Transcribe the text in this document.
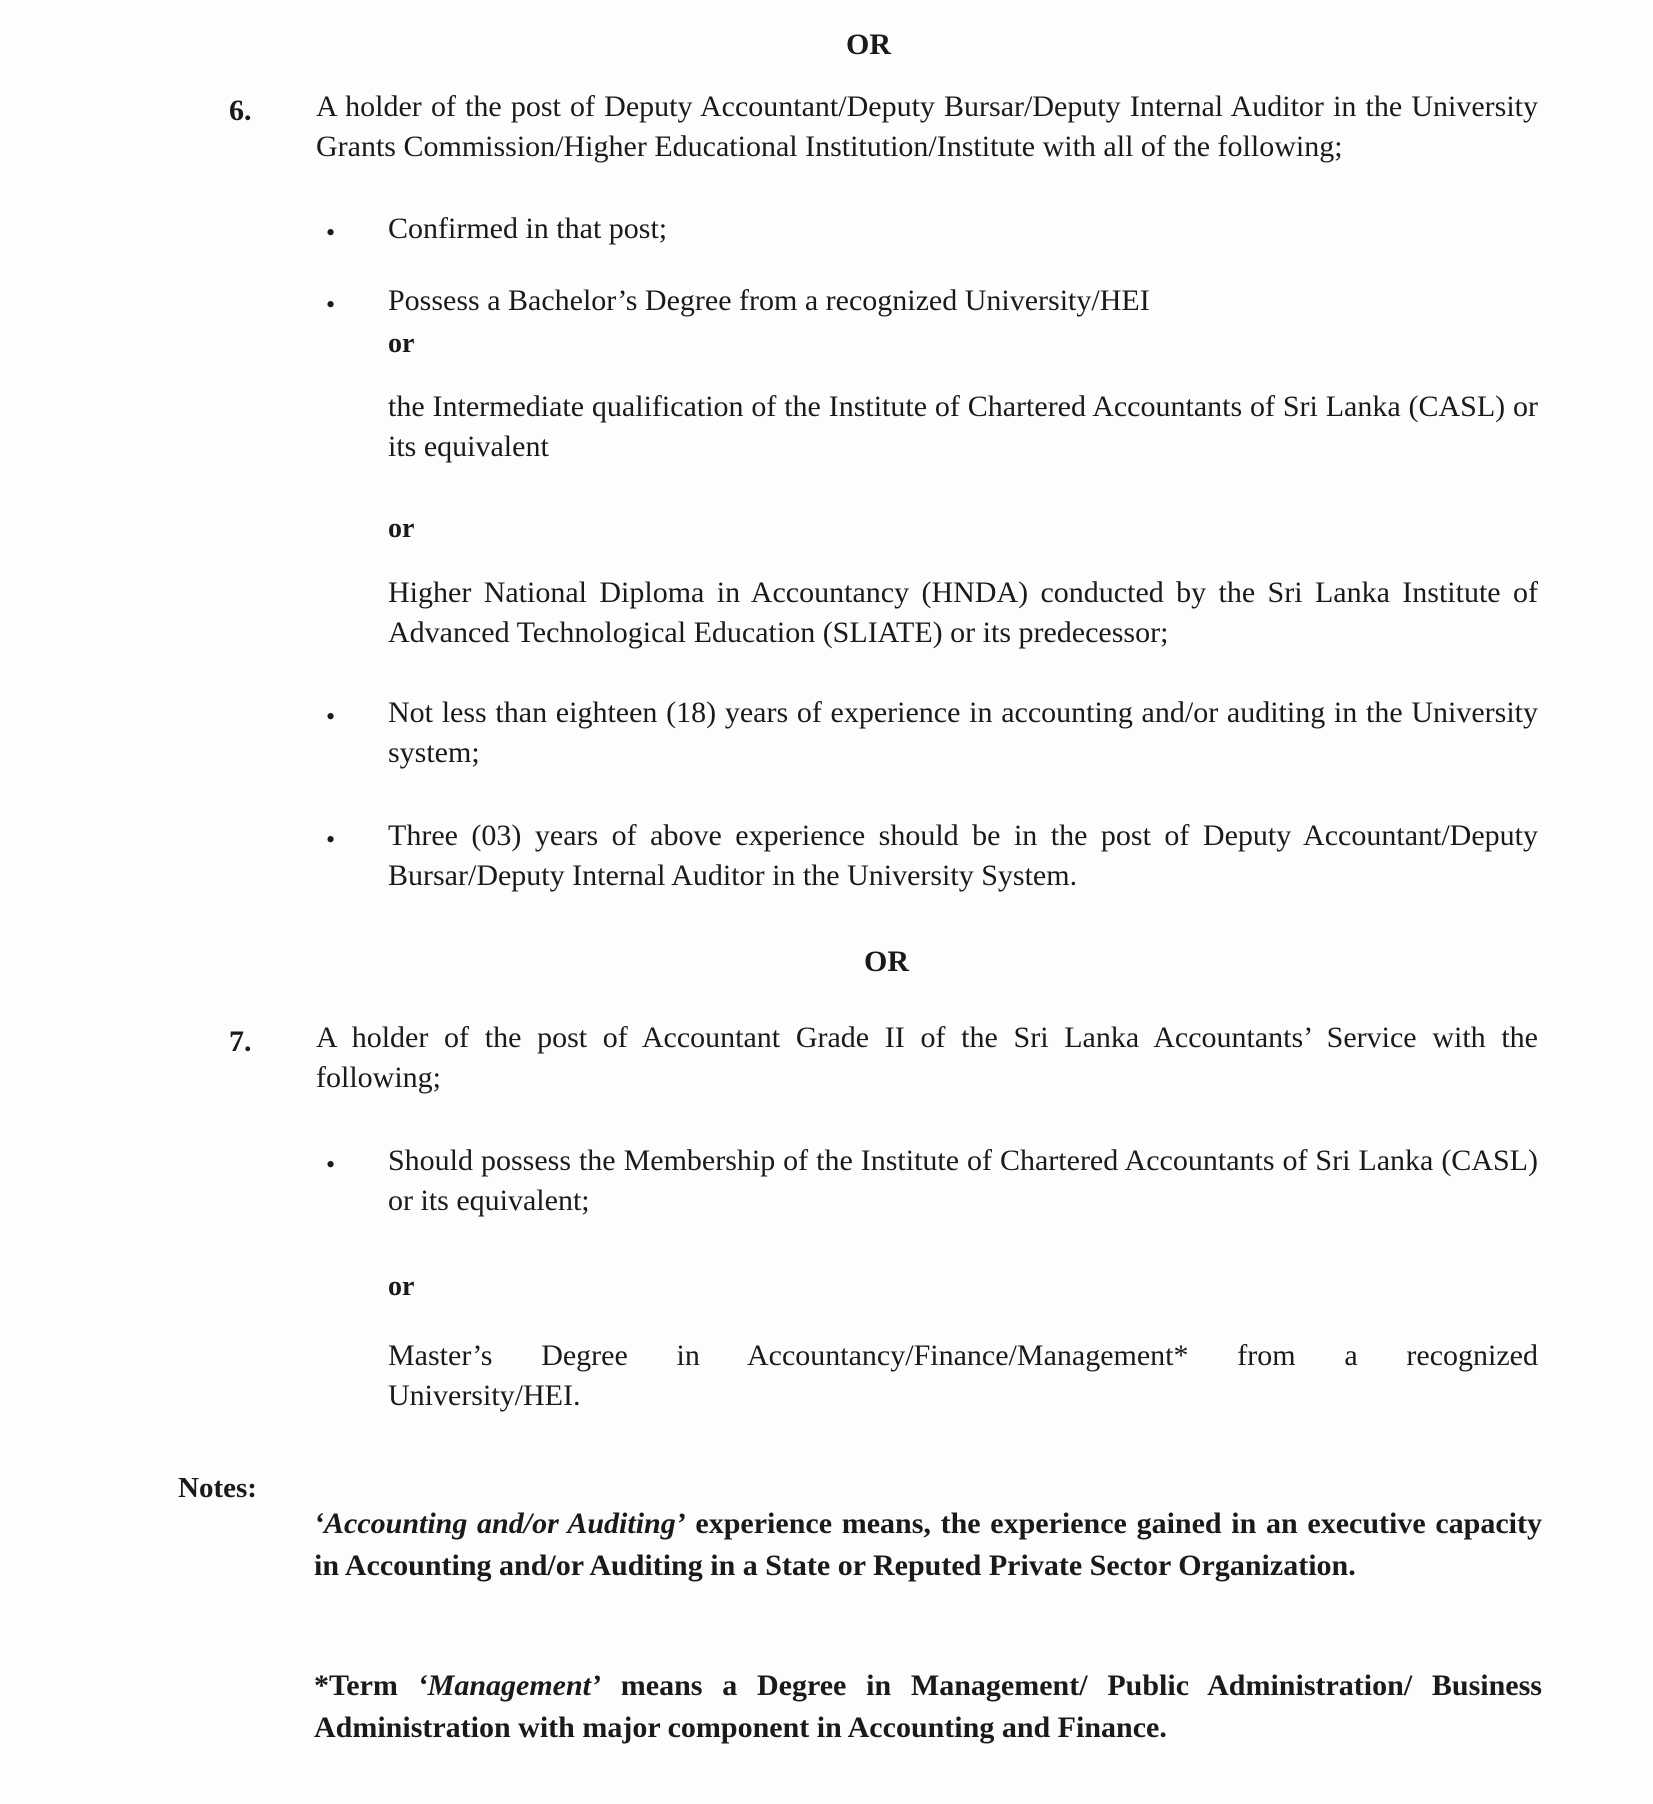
OR
6. A holder of the post of Deputy Accountant/Deputy Bursar/Deputy Internal Auditor in the University Grants Commission/Higher Educational Institution/Institute with all of the following;
• Confirmed in that post;
• Possess a Bachelor’s Degree from a recognized University/HEI
or
the Intermediate qualification of the Institute of Chartered Accountants of Sri Lanka (CASL) or its equivalent
or
Higher National Diploma in Accountancy (HNDA) conducted by the Sri Lanka Institute of Advanced Technological Education (SLIATE) or its predecessor;
• Not less than eighteen (18) years of experience in accounting and/or auditing in the University system;
• Three (03) years of above experience should be in the post of Deputy Accountant/Deputy Bursar/Deputy Internal Auditor in the University System.
OR
7. A holder of the post of Accountant Grade II of the Sri Lanka Accountants’ Service with the following;
• Should possess the Membership of the Institute of Chartered Accountants of Sri Lanka (CASL) or its equivalent;
or
Master’s Degree in Accountancy/Finance/Management* from a recognized University/HEI.
Notes:
‘Accounting and/or Auditing’ experience means, the experience gained in an executive capacity in Accounting and/or Auditing in a State or Reputed Private Sector Organization.
*Term ‘Management’ means a Degree in Management/ Public Administration/ Business Administration with major component in Accounting and Finance.
